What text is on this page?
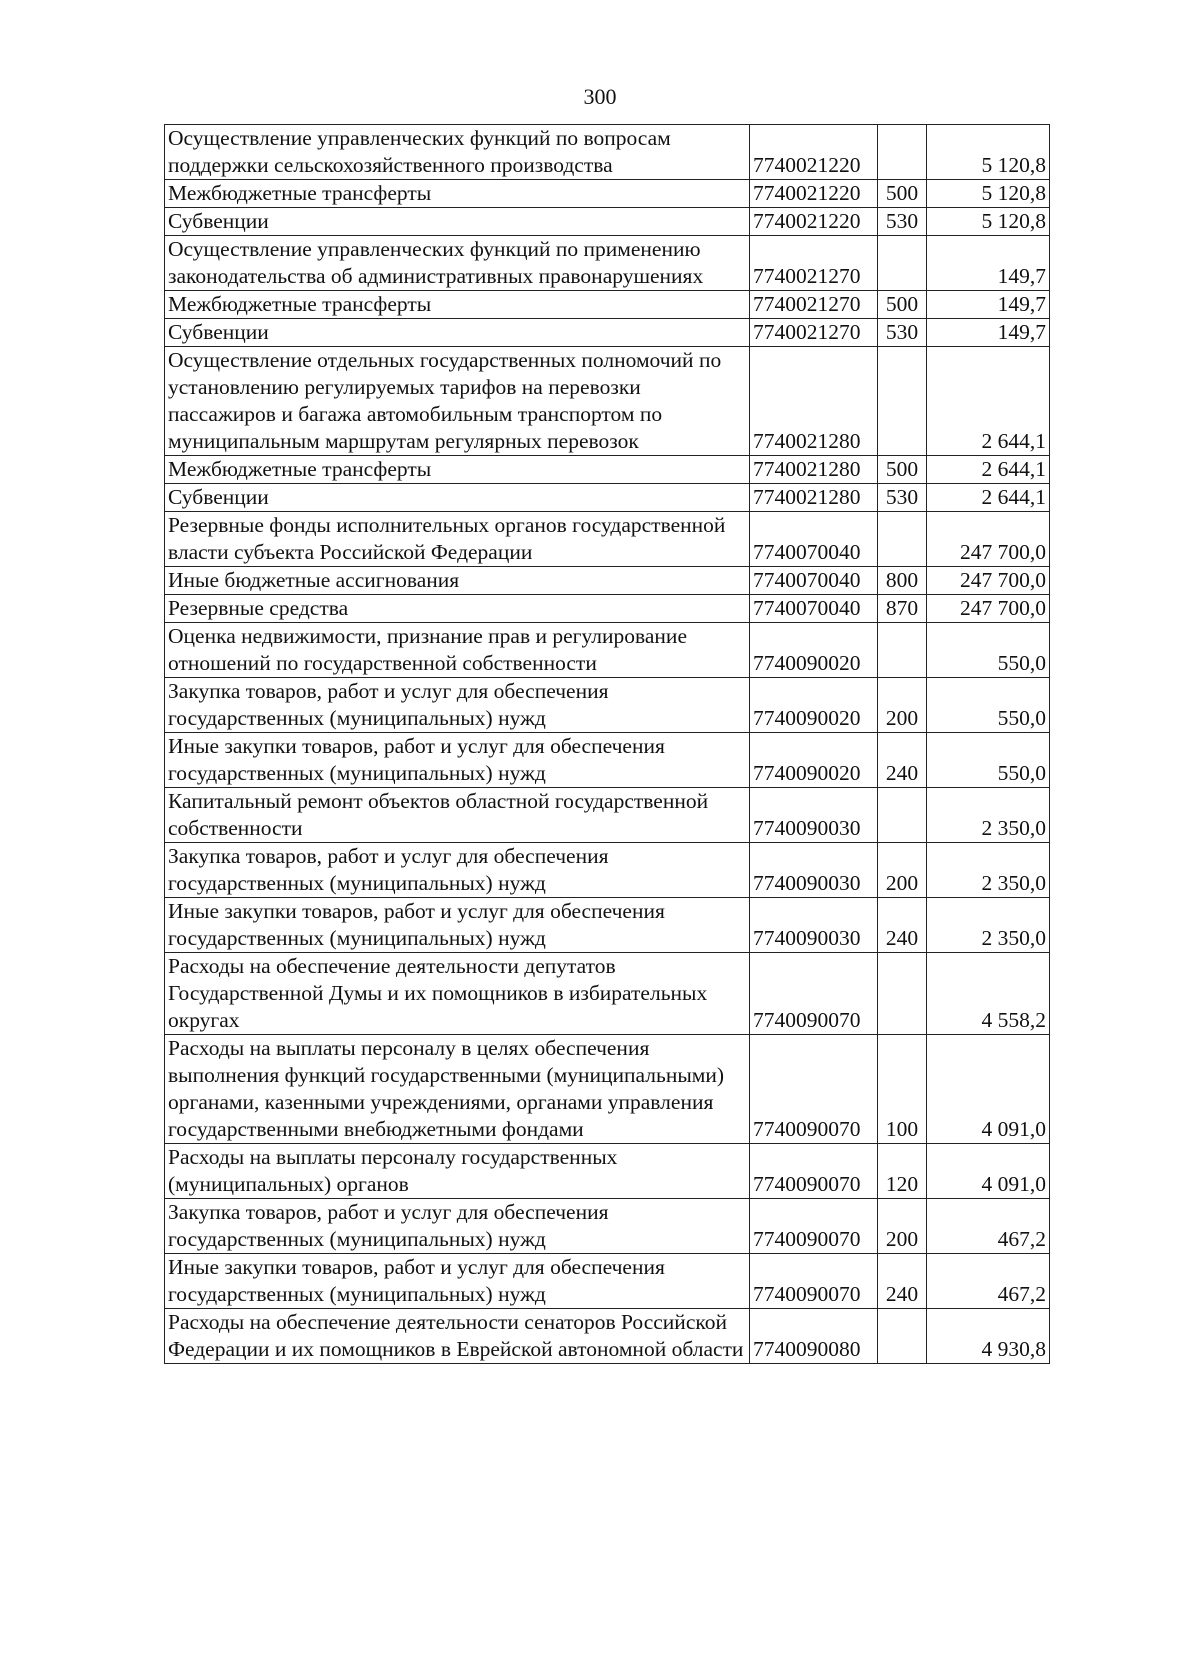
300
Осуществление управленческих функций по вопросам поддержки сельскохозяйственного производства	7740021220		5 120,8
Межбюджетные трансферты	7740021220	500	5 120,8
Субвенции	7740021220	530	5 120,8
Осуществление управленческих функций по применению законодательства об административных правонарушениях	7740021270		149,7
Межбюджетные трансферты	7740021270	500	149,7
Субвенции	7740021270	530	149,7
Осуществление отдельных государственных полномочий по установлению регулируемых тарифов на перевозки пассажиров и багажа автомобильным транспортом по муниципальным маршрутам регулярных перевозок	7740021280		2 644,1
Межбюджетные трансферты	7740021280	500	2 644,1
Субвенции	7740021280	530	2 644,1
Резервные фонды исполнительных органов государственной власти субъекта Российской Федерации	7740070040		247 700,0
Иные бюджетные ассигнования	7740070040	800	247 700,0
Резервные средства	7740070040	870	247 700,0
Оценка недвижимости, признание прав и регулирование отношений по государственной собственности	7740090020		550,0
Закупка товаров, работ и услуг для обеспечения государственных (муниципальных) нужд	7740090020	200	550,0
Иные закупки товаров, работ и услуг для обеспечения государственных (муниципальных) нужд	7740090020	240	550,0
Капитальный ремонт объектов областной государственной собственности	7740090030		2 350,0
Закупка товаров, работ и услуг для обеспечения государственных (муниципальных) нужд	7740090030	200	2 350,0
Иные закупки товаров, работ и услуг для обеспечения государственных (муниципальных) нужд	7740090030	240	2 350,0
Расходы на обеспечение деятельности депутатов Государственной Думы и их помощников в избирательных округах	7740090070		4 558,2
Расходы на выплаты персоналу в целях обеспечения выполнения функций государственными (муниципальными) органами, казенными учреждениями, органами управления государственными внебюджетными фондами	7740090070	100	4 091,0
Расходы на выплаты персоналу государственных (муниципальных) органов	7740090070	120	4 091,0
Закупка товаров, работ и услуг для обеспечения государственных (муниципальных) нужд	7740090070	200	467,2
Иные закупки товаров, работ и услуг для обеспечения государственных (муниципальных) нужд	7740090070	240	467,2
Расходы на обеспечение деятельности сенаторов Российской Федерации и их помощников в Еврейской автономной области	7740090080		4 930,8
